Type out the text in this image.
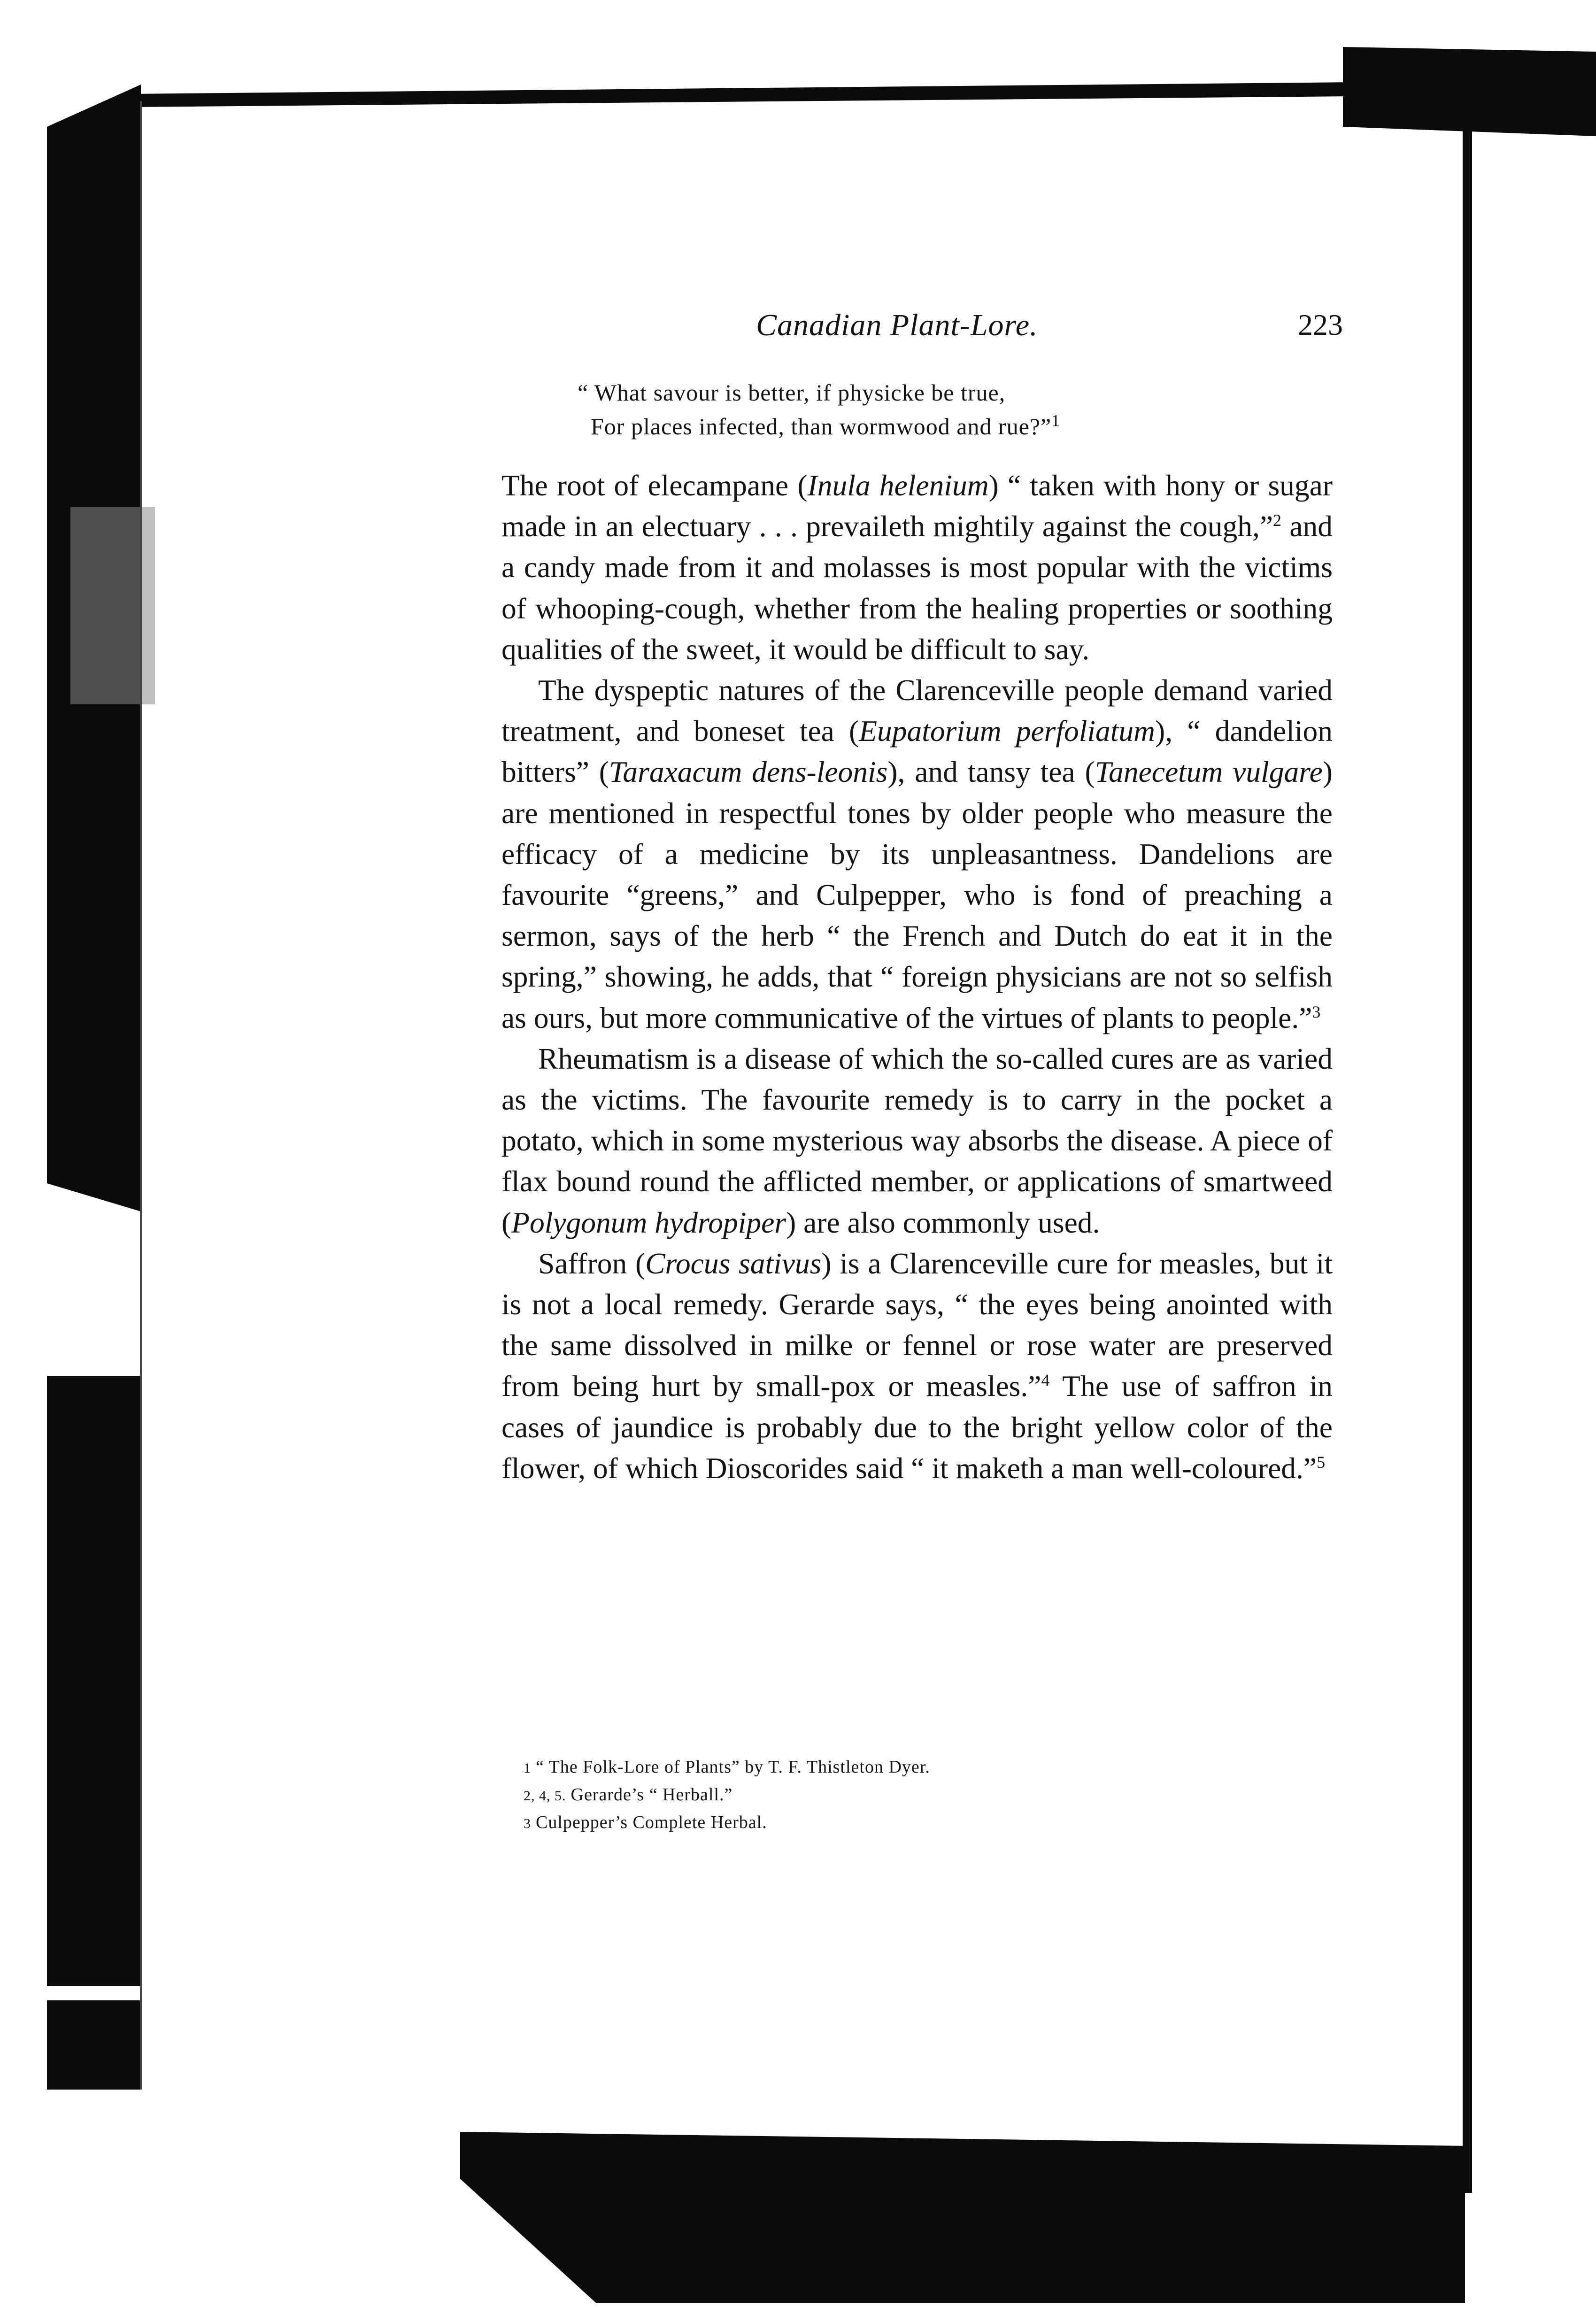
Canadian Plant-Lore.	223
“ What savour is better, if physicke be true,
For places infected, than wormwood and rue?”$^1$

The root of elecampane (Inula helenium) “ taken with hony or sugar made in an electuary . . . prevaileth mightily against the cough,”$^2$ and a candy made from it and molasses is most popular with the victims of whooping-cough, whether from the healing properties or soothing qualities of the sweet, it would be difficult to say.

The dyspeptic natures of the Clarenceville people demand varied treatment, and boneset tea (Eupatorium perfoliatum), “ dandelion bitters” (Taraxacum dens-leonis), and tansy tea (Tanecetum vulgare) are mentioned in respectful tones by older people who measure the efficacy of a medicine by its unpleasantness. Dandelions are favourite “greens,” and Culpepper, who is fond of preaching a sermon, says of the herb “ the French and Dutch do eat it in the spring,” showing, he adds, that “ foreign physicians are not so selfish as ours, but more communicative of the virtues of plants to people.”$^3$

Rheumatism is a disease of which the so-called cures are as varied as the victims. The favourite remedy is to carry in the pocket a potato, which in some mysterious way absorbs the disease. A piece of flax bound round the afflicted member, or applications of smartweed (Polygonum hydropiper) are also commonly used.

Saffron (Crocus sativus) is a Clarenceville cure for measles, but it is not a local remedy. Gerarde says, “ the eyes being anointed with the same dissolved in milke or fennel or rose water are preserved from being hurt by small-pox or measles.”$^4$ The use of saffron in cases of jaundice is probably due to the bright yellow color of the flower, of which Dioscorides said “ it maketh a man well-coloured.”$^5$

1 “ The Folk-Lore of Plants” by T. F. Thistleton Dyer.
2, 4, 5. Gerarde’s “ Herball.”
3 Culpepper’s Complete Herbal.
